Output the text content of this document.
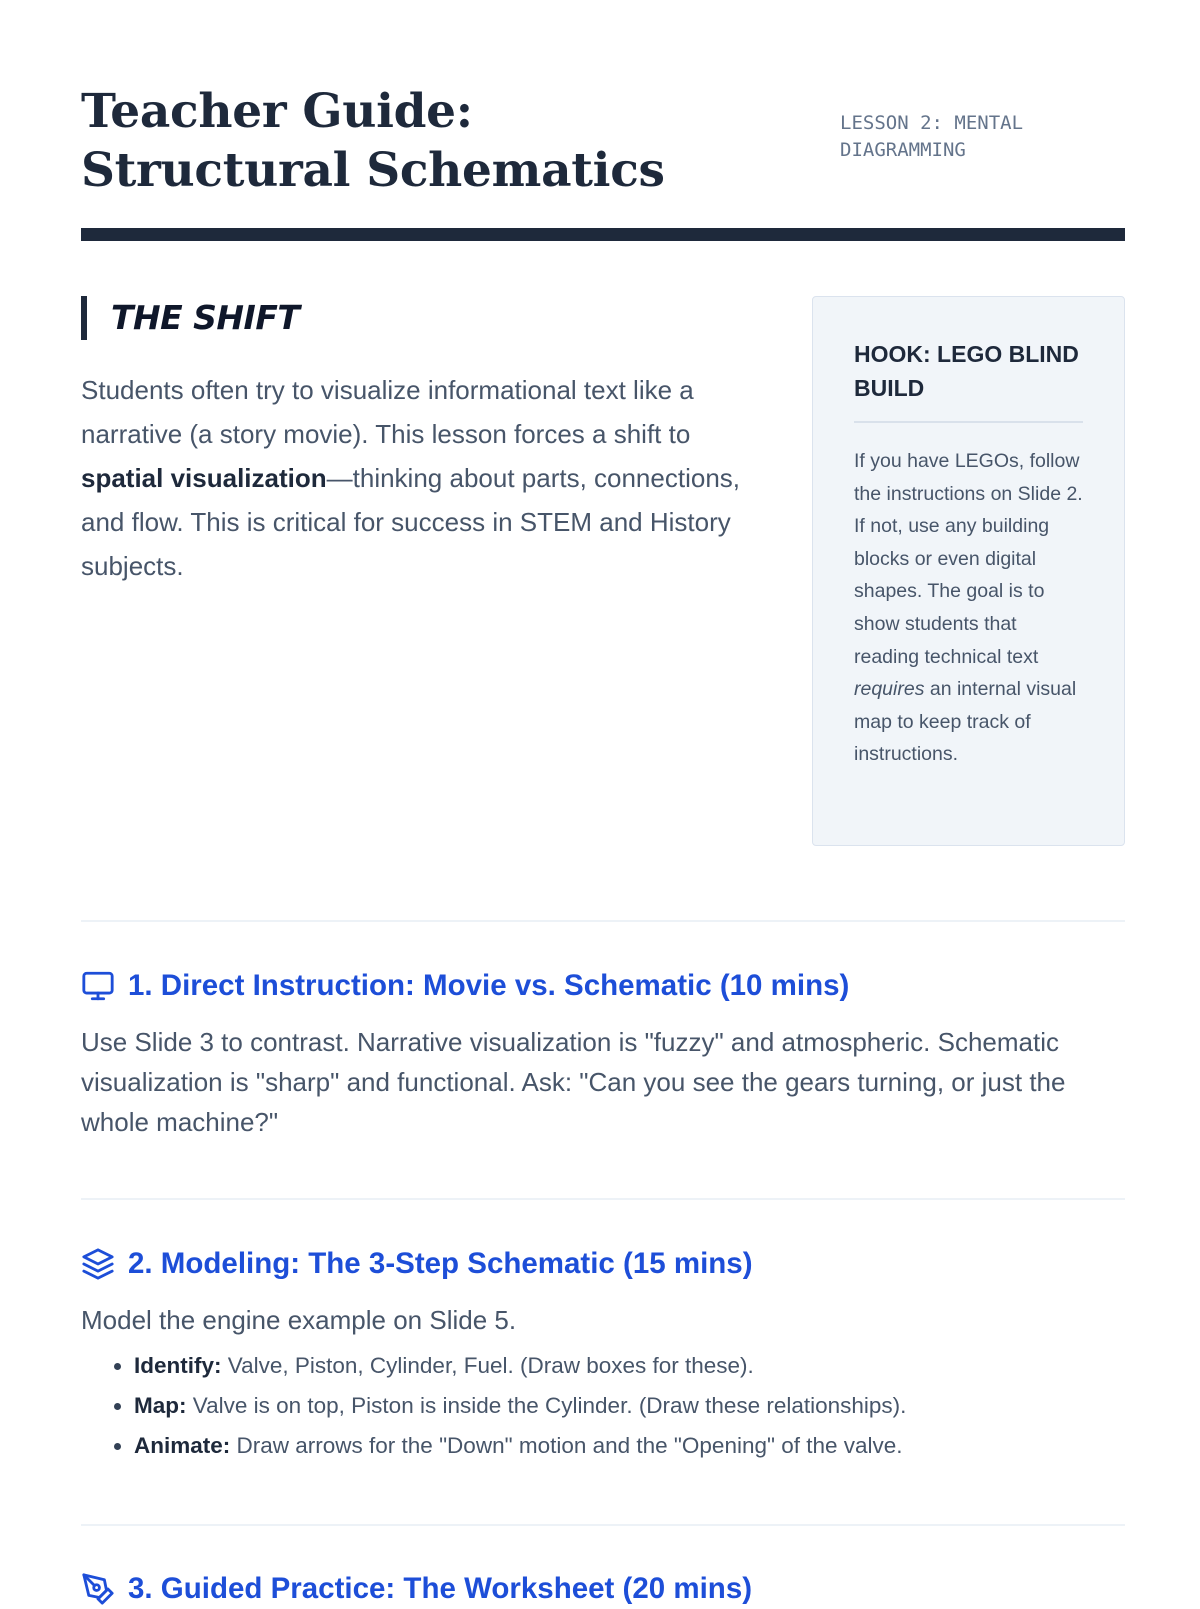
Teacher Guide: Structural Schematics
LESSON 2: MENTAL DIAGRAMMING
THE SHIFT

Students often try to visualize informational text like a narrative (a story movie). This lesson forces a shift to spatial visualization—thinking about parts, connections, and flow. This is critical for success in STEM and History subjects.

HOOK: LEGO BLIND BUILD

If you have LEGOs, follow the instructions on Slide 2. If not, use any building blocks or even digital shapes. The goal is to show students that reading technical text requires an internal visual map to keep track of instructions.

1. Direct Instruction: Movie vs. Schematic (10 mins)

Use Slide 3 to contrast. Narrative visualization is "fuzzy" and atmospheric. Schematic visualization is "sharp" and functional. Ask: "Can you see the gears turning, or just the whole machine?"

2. Modeling: The 3-Step Schematic (15 mins)

Model the engine example on Slide 5.

• Identify: Valve, Piston, Cylinder, Fuel. (Draw boxes for these).
• Map: Valve is on top, Piston is inside the Cylinder. (Draw these relationships).
• Animate: Draw arrows for the "Down" motion and the "Opening" of the valve.
3. Guided Practice: The Worksheet (20 mins)
